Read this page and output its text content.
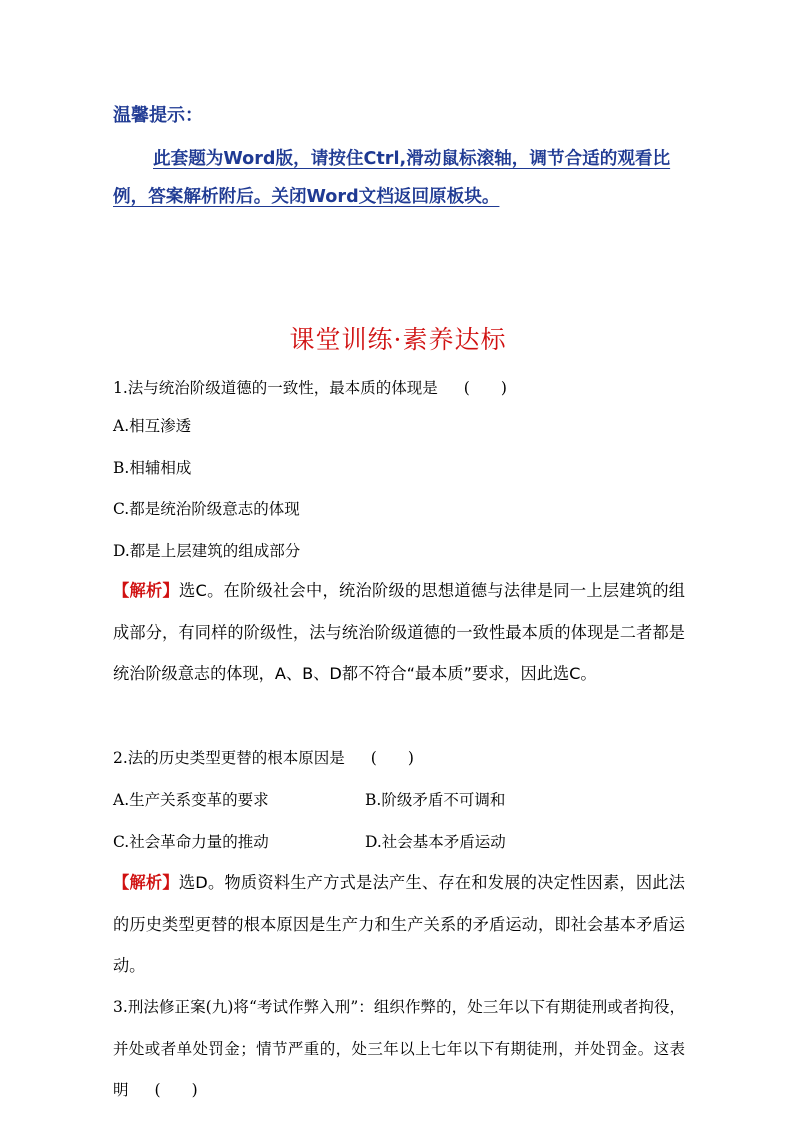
温馨提示：
此套题为Word版，请按住Ctrl,滑动鼠标滚轴，调节合适的观看比例，答案解析附后。关闭Word文档返回原板块。
课堂训练·素养达标
1.法与统治阶级道德的一致性，最本质的体现是 (　　)
A.相互渗透
B.相辅相成
C.都是统治阶级意志的体现
D.都是上层建筑的组成部分
【解析】选C。在阶级社会中，统治阶级的思想道德与法律是同一上层建筑的组成部分，有同样的阶级性，法与统治阶级道德的一致性最本质的体现是二者都是统治阶级意志的体现，A、B、D都不符合“最本质”要求，因此选C。
2.法的历史类型更替的根本原因是 (　　)
A.生产关系变革的要求	B.阶级矛盾不可调和
C.社会革命力量的推动	D.社会基本矛盾运动
【解析】选D。物质资料生产方式是法产生、存在和发展的决定性因素，因此法的历史类型更替的根本原因是生产力和生产关系的矛盾运动，即社会基本矛盾运动。
3.刑法修正案(九)将“考试作弊入刑”：组织作弊的，处三年以下有期徒刑或者拘役，并处或者单处罚金；情节严重的，处三年以上七年以下有期徒刑，并处罚金。这表明 (　　)
